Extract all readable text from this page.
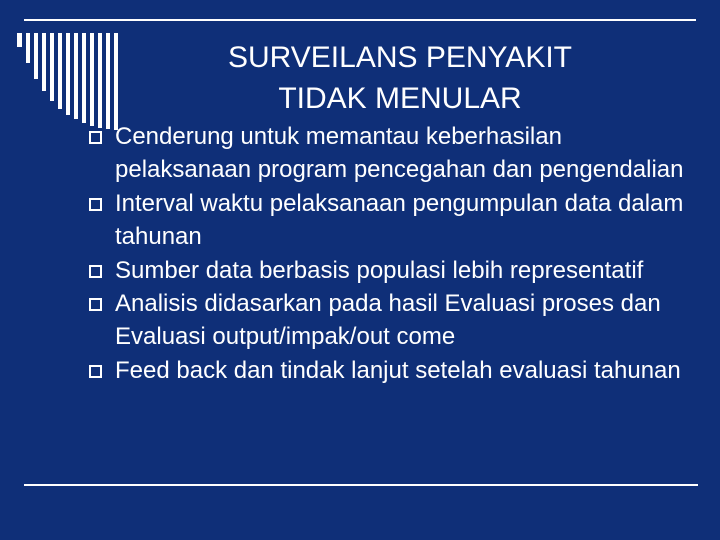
SURVEILANS PENYAKIT
TIDAK MENULAR
Cenderung untuk memantau keberhasilan pelaksanaan program pencegahan dan pengendalian
Interval waktu pelaksanaan pengumpulan data dalam tahunan
Sumber data berbasis populasi lebih representatif
Analisis didasarkan pada hasil Evaluasi proses dan Evaluasi output/impak/out come
Feed back dan tindak lanjut setelah evaluasi tahunan
